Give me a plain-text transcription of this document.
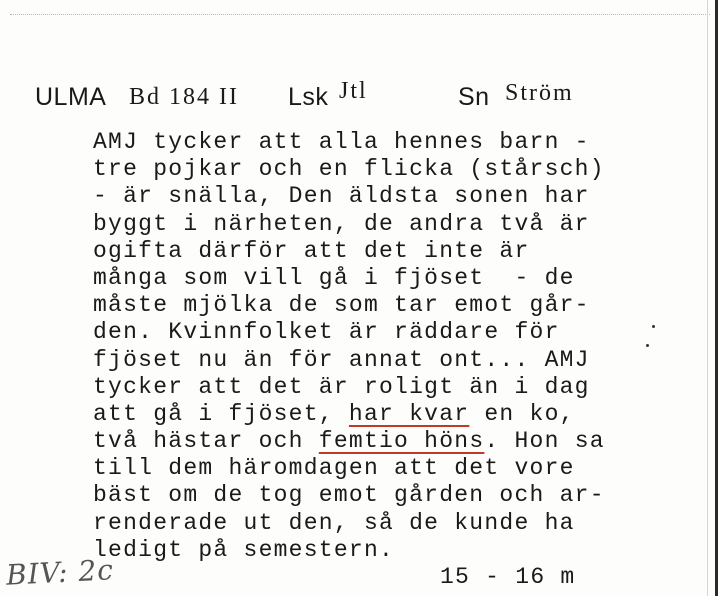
ULMA Bd 184 II Lsk Jtl	Sn Ström
AMJ tycker att alla hennes barn -
tre pojkar och en flicka (stårsch)
- är snälla, Den äldsta sonen har
byggt i närheten, de andra två är
ogifta därför att det inte är
många som vill gå i fjöset  - de
måste mjölka de som tar emot går-
den. Kvinnfolket är räddare för
fjöset nu än för annat ont... AMJ
tycker att det är roligt än i dag
att gå i fjöset, har kvar en ko,
två hästar och femtio höns. Hon sa
till dem häromdagen att det vore
bäst om de tog emot gården och ar-
renderade ut den, så de kunde ha
ledigt på semestern.
15 - 16 m
BIV: 2c
